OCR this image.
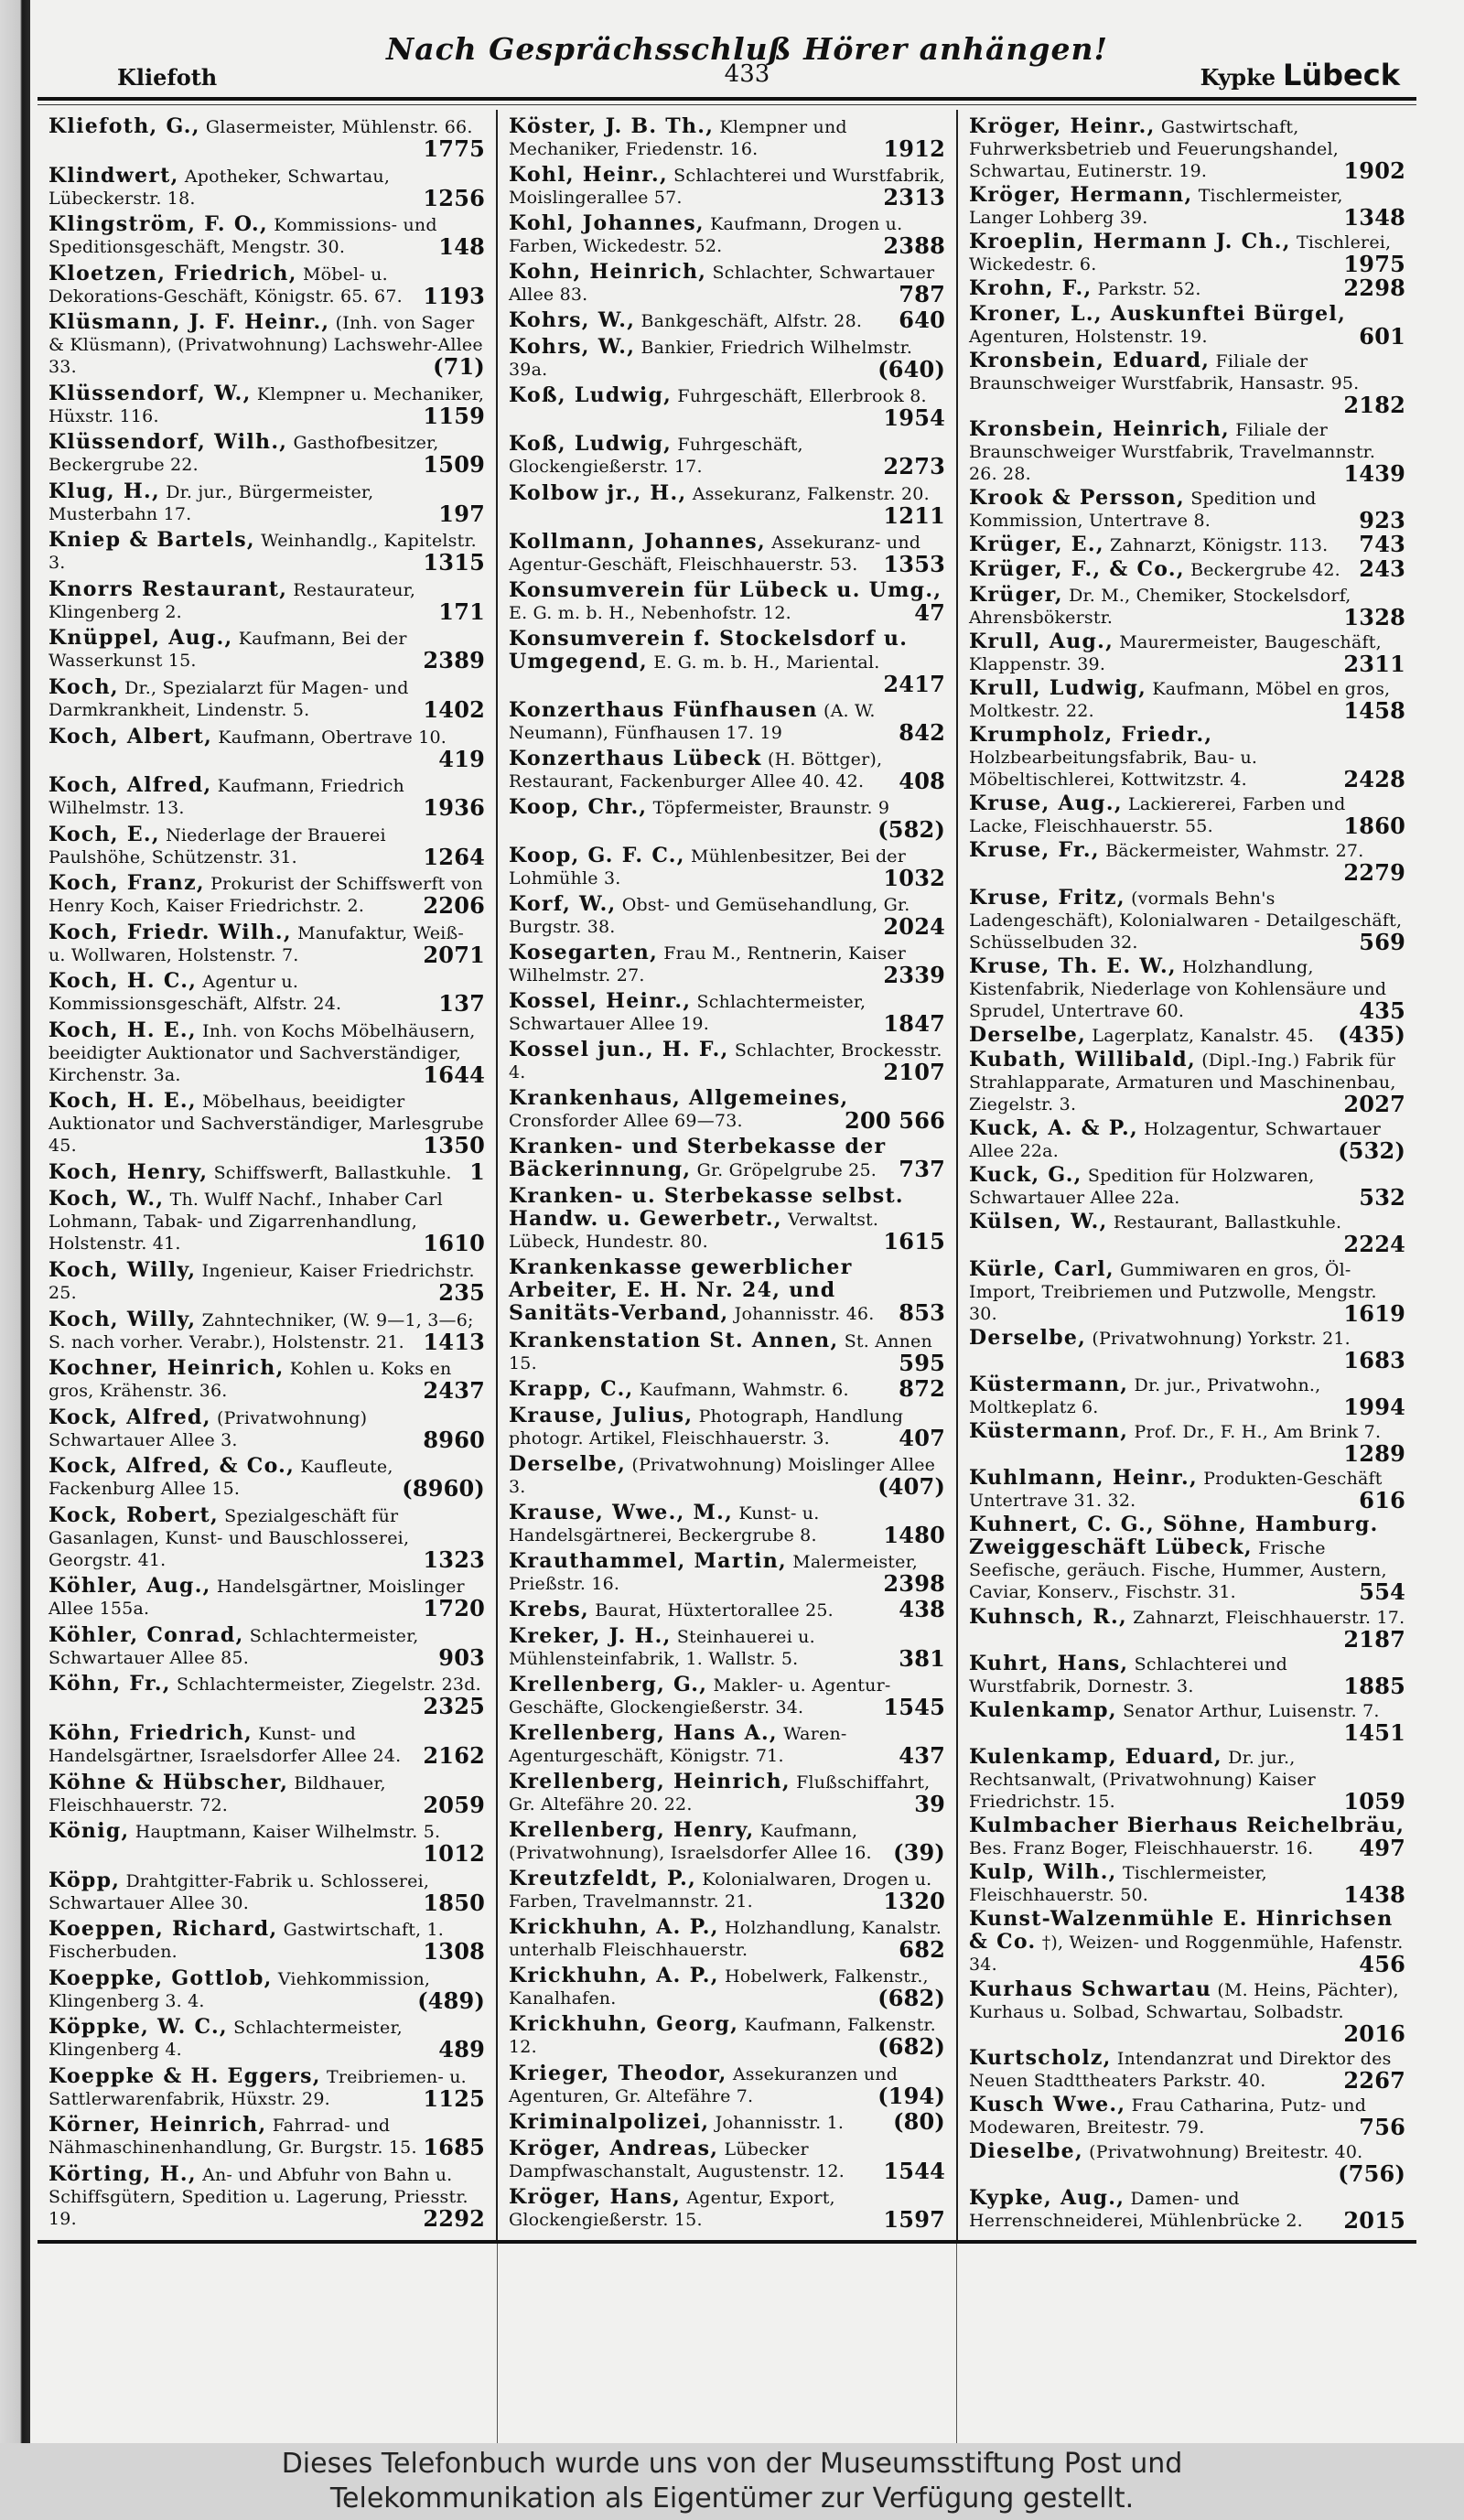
Nach Gesprächsschluß Hörer anhängen!
Kliefoth	433	Kypke Lübeck
Kliefoth, G., Glasermeister, Mühlenstr. 66.
1775
Klindwert, Apotheker, Schwartau, Lübeckerstr. 18.	1256
Klingström, F. O., Kommissions- und Speditionsgeschäft, Mengstr. 30.	148
Kloetzen, Friedrich, Möbel- u. Dekorations-Geschäft, Königstr. 65. 67. 1193
Klüsmann, J. F. Heinr., (Inh. von Sager & Klüsmann), (Privatwohnung) Lachswehr-Allee 33.	(71)
Klüssendorf, W., Klempner u. Mechaniker, Hüxstr. 116.	1159
Klüssendorf, Wilh., Gasthofbesitzer, Beckergrube 22.	1509
Klug, H., Dr. jur., Bürgermeister, Musterbahn 17.	197
Kniep & Bartels, Weinhandlg., Kapitelstr. 3.	1315
Knorrs Restaurant, Restaurateur, Klingenberg 2.	171
Knüppel, Aug., Kaufmann, Bei der Wasserkunst 15.	2389
Koch, Dr., Spezialarzt für Magen- und Darmkrankheit, Lindenstr. 5.	1402
Koch, Albert, Kaufmann, Obertrave 10.
419
Koch, Alfred, Kaufmann, Friedrich Wilhelmstr. 13.	1936
Koch, E., Niederlage der Brauerei Paulshöhe, Schützenstr. 31.	1264
Koch, Franz, Prokurist der Schiffswerft von Henry Koch, Kaiser Friedrichstr. 2.	2206
Koch, Friedr. Wilh., Manufaktur, Weiß- u. Wollwaren, Holstenstr. 7.	2071
Koch, H. C., Agentur u. Kommissionsgeschäft, Alfstr. 24.	137
Koch, H. E., Inh. von Kochs Möbelhäusern, beeidigter Auktionator und Sachverständiger, Kirchenstr. 3a.	1644
Koch, H. E., Möbelhaus, beeidigter Auktionator und Sachverständiger, Marlesgrube 45.	1350
Koch, Henry, Schiffswerft, Ballastkuhle. 1
Koch, W., Th. Wulff Nachf., Inhaber Carl Lohmann, Tabak- und Zigarrenhandlung, Holstenstr. 41.	1610
Koch, Willy, Ingenieur, Kaiser Friedrichstr. 25.	235
Koch, Willy, Zahntechniker, (W. 9—1, 3—6; S. nach vorher. Verabr.), Holstenstr. 21. 1413
Kochner, Heinrich, Kohlen u. Koks en gros, Krähenstr. 36.	2437
Kock, Alfred, (Privatwohnung) Schwartauer Allee 3.	8960
Kock, Alfred, & Co., Kaufleute, Fackenburg Allee 15.	(8960)
Kock, Robert, Spezialgeschäft für Gasanlagen, Kunst- und Bauschlosserei, Georgstr. 41.	1323
Köhler, Aug., Handelsgärtner, Moislinger Allee 155a.	1720
Köhler, Conrad, Schlachtermeister, Schwartauer Allee 85.	903
Köhn, Fr., Schlachtermeister, Ziegelstr. 23d.
2325
Köhn, Friedrich, Kunst- und Handelsgärtner, Israelsdorfer Allee 24. 2162
Köhne & Hübscher, Bildhauer, Fleischhauerstr. 72.	2059
König, Hauptmann, Kaiser Wilhelmstr. 5.
1012
Köpp, Drahtgitter-Fabrik u. Schlosserei, Schwartauer Allee 30.	1850
Koeppen, Richard, Gastwirtschaft, 1. Fischerbuden.	1308
Koeppke, Gottlob, Viehkommission, Klingenberg 3. 4.	(489)
Köppke, W. C., Schlachtermeister, Klingenberg 4.	489
Koeppke & H. Eggers, Treibriemen- u. Sattlerwarenfabrik, Hüxstr. 29.	1125
Körner, Heinrich, Fahrrad- und Nähmaschinenhandlung, Gr. Burgstr. 15. 1685
Körting, H., An- und Abfuhr von Bahn u. Schiffsgütern, Spedition u. Lagerung, Priesstr. 19.	2292
Köster, J. B. Th., Klempner und Mechaniker, Friedenstr. 16.	1912
Kohl, Heinr., Schlachterei und Wurstfabrik, Moislingerallee 57.	2313
Kohl, Johannes, Kaufmann, Drogen u. Farben, Wickedestr. 52.	2388
Kohn, Heinrich, Schlachter, Schwartauer Allee 83.	787
Kohrs, W., Bankgeschäft, Alfstr. 28. 640
Kohrs, W., Bankier, Friedrich Wilhelmstr. 39a.	(640)
Koß, Ludwig, Fuhrgeschäft, Ellerbrook 8.
1954
Koß, Ludwig, Fuhrgeschäft, Glockengießerstr. 17.	2273
Kolbow jr., H., Assekuranz, Falkenstr. 20.
1211
Kollmann, Johannes, Assekuranz- und Agentur-Geschäft, Fleischhauerstr. 53. 1353
Konsumverein für Lübeck u. Umg., E. G. m. b. H., Nebenhofstr. 12.	47
Konsumverein f. Stockelsdorf u. Umgegend, E. G. m. b. H., Mariental.
2417
Konzerthaus Fünfhausen (A. W. Neumann), Fünfhausen 17. 19	842
Konzerthaus Lübeck (H. Böttger), Restaurant, Fackenburger Allee 40. 42. 408
Koop, Chr., Töpfermeister, Braunstr. 9
(582)
Koop, G. F. C., Mühlenbesitzer, Bei der Lohmühle 3.	1032
Korf, W., Obst- und Gemüsehandlung, Gr. Burgstr. 38.	2024
Kosegarten, Frau M., Rentnerin, Kaiser Wilhelmstr. 27.	2339
Kossel, Heinr., Schlachtermeister, Schwartauer Allee 19.	1847
Kossel jun., H. F., Schlachter, Brockesstr. 4.	2107
Krankenhaus, Allgemeines, Cronsforder Allee 69—73.	200 566
Kranken- und Sterbekasse der Bäckerinnung, Gr. Gröpelgrube 25. 737
Kranken- u. Sterbekasse selbst. Handw. u. Gewerbetr., Verwaltst. Lübeck, Hundestr. 80.	1615
Krankenkasse gewerblicher Arbeiter, E. H. Nr. 24, und Sanitäts-Verband, Johannisstr. 46. 853
Krankenstation St. Annen, St. Annen 15.	595
Krapp, C., Kaufmann, Wahmstr. 6. 872
Krause, Julius, Photograph, Handlung photogr. Artikel, Fleischhauerstr. 3.	407
Derselbe, (Privatwohnung) Moislinger Allee 3.	(407)
Krause, Wwe., M., Kunst- u. Handelsgärtnerei, Beckergrube 8.	1480
Krauthammel, Martin, Malermeister, Prießstr. 16.	2398
Krebs, Baurat, Hüxtertorallee 25.	438
Kreker, J. H., Steinhauerei u. Mühlensteinfabrik, 1. Wallstr. 5.	381
Krellenberg, G., Makler- u. Agentur-Geschäfte, Glockengießerstr. 34.	1545
Krellenberg, Hans A., Waren-Agenturgeschäft, Königstr. 71.	437
Krellenberg, Heinrich, Flußschiffahrt, Gr. Altefähre 20. 22.	39
Krellenberg, Henry, Kaufmann, (Privatwohnung), Israelsdorfer Allee 16. (39)
Kreutzfeldt, P., Kolonialwaren, Drogen u. Farben, Travelmannstr. 21.	1320
Krickhuhn, A. P., Holzhandlung, Kanalstr. unterhalb Fleischhauerstr.	682
Krickhuhn, A. P., Hobelwerk, Falkenstr., Kanalhafen.	(682)
Krickhuhn, Georg, Kaufmann, Falkenstr. 12.	(682)
Krieger, Theodor, Assekuranzen und Agenturen, Gr. Altefähre 7.	(194)
Kriminalpolizei, Johannisstr. 1. (80)
Kröger, Andreas, Lübecker Dampfwaschanstalt, Augustenstr. 12. 1544
Kröger, Hans, Agentur, Export, Glockengießerstr. 15.	1597
Kröger, Heinr., Gastwirtschaft, Fuhrwerksbetrieb und Feuerungshandel, Schwartau, Eutinerstr. 19.	1902
Kröger, Hermann, Tischlermeister, Langer Lohberg 39.	1348
Kroeplin, Hermann J. Ch., Tischlerei, Wickedestr. 6.	1975
Krohn, F., Parkstr. 52.	2298
Kroner, L., Auskunftei Bürgel, Agenturen, Holstenstr. 19.	601
Kronsbein, Eduard, Filiale der Braunschweiger Wurstfabrik, Hansastr. 95.
2182
Kronsbein, Heinrich, Filiale der Braunschweiger Wurstfabrik, Travelmannstr. 26. 28.	1439
Krook & Persson, Spedition und Kommission, Untertrave 8.	923
Krüger, E., Zahnarzt, Königstr. 113. 743
Krüger, F., & Co., Beckergrube 42. 243
Krüger, Dr. M., Chemiker, Stockelsdorf, Ahrensbökerstr.	1328
Krull, Aug., Maurermeister, Baugeschäft, Klappenstr. 39.	2311
Krull, Ludwig, Kaufmann, Möbel en gros, Moltkestr. 22.	1458
Krumpholz, Friedr., Holzbearbeitungsfabrik, Bau- u. Möbeltischlerei, Kottwitzstr. 4.	2428
Kruse, Aug., Lackiererei, Farben und Lacke, Fleischhauerstr. 55.	1860
Kruse, Fr., Bäckermeister, Wahmstr. 27.
2279
Kruse, Fritz, (vormals Behn's Ladengeschäft), Kolonialwaren - Detailgeschäft, Schüsselbuden 32.	569
Kruse, Th. E. W., Holzhandlung, Kistenfabrik, Niederlage von Kohlensäure und Sprudel, Untertrave 60.	435
Derselbe, Lagerplatz, Kanalstr. 45. (435)
Kubath, Willibald, (Dipl.-Ing.) Fabrik für Strahlapparate, Armaturen und Maschinenbau, Ziegelstr. 3.	2027
Kuck, A. & P., Holzagentur, Schwartauer Allee 22a.	(532)
Kuck, G., Spedition für Holzwaren, Schwartauer Allee 22a.	532
Külsen, W., Restaurant, Ballastkuhle.
2224
Kürle, Carl, Gummiwaren en gros, Öl-Import, Treibriemen und Putzwolle, Mengstr. 30.	1619
Derselbe, (Privatwohnung) Yorkstr. 21.
1683
Küstermann, Dr. jur., Privatwohn., Moltkeplatz 6.	1994
Küstermann, Prof. Dr., F. H., Am Brink 7.
1289
Kuhlmann, Heinr., Produkten-Geschäft Untertrave 31. 32.	616
Kuhnert, C. G., Söhne, Hamburg. Zweiggeschäft Lübeck, Frische Seefische, geräuch. Fische, Hummer, Austern, Caviar, Konserv., Fischstr. 31.	554
Kuhnsch, R., Zahnarzt, Fleischhauerstr. 17.
2187
Kuhrt, Hans, Schlachterei und Wurstfabrik, Dornestr. 3.	1885
Kulenkamp, Senator Arthur, Luisenstr. 7.
1451
Kulenkamp, Eduard, Dr. jur., Rechtsanwalt, (Privatwohnung) Kaiser Friedrichstr. 15.	1059
Kulmbacher Bierhaus Reichelbräu, Bes. Franz Boger, Fleischhauerstr. 16. 497
Kulp, Wilh., Tischlermeister, Fleischhauerstr. 50.	1438
Kunst-Walzenmühle E. Hinrichsen & Co. †), Weizen- und Roggenmühle, Hafenstr. 34.	456
Kurhaus Schwartau (M. Heins, Pächter), Kurhaus u. Solbad, Schwartau, Solbadstr.
2016
Kurtscholz, Intendanzrat und Direktor des Neuen Stadttheaters Parkstr. 40.	2267
Kusch Wwe., Frau Catharina, Putz- und Modewaren, Breitestr. 79.	756
Dieselbe, (Privatwohnung) Breitestr. 40.
(756)
Kypke, Aug., Damen- und Herrenschneiderei, Mühlenbrücke 2. 2015
Dieses Telefonbuch wurde uns von der Museumsstiftung Post und
Telekommunikation als Eigentümer zur Verfügung gestellt.
